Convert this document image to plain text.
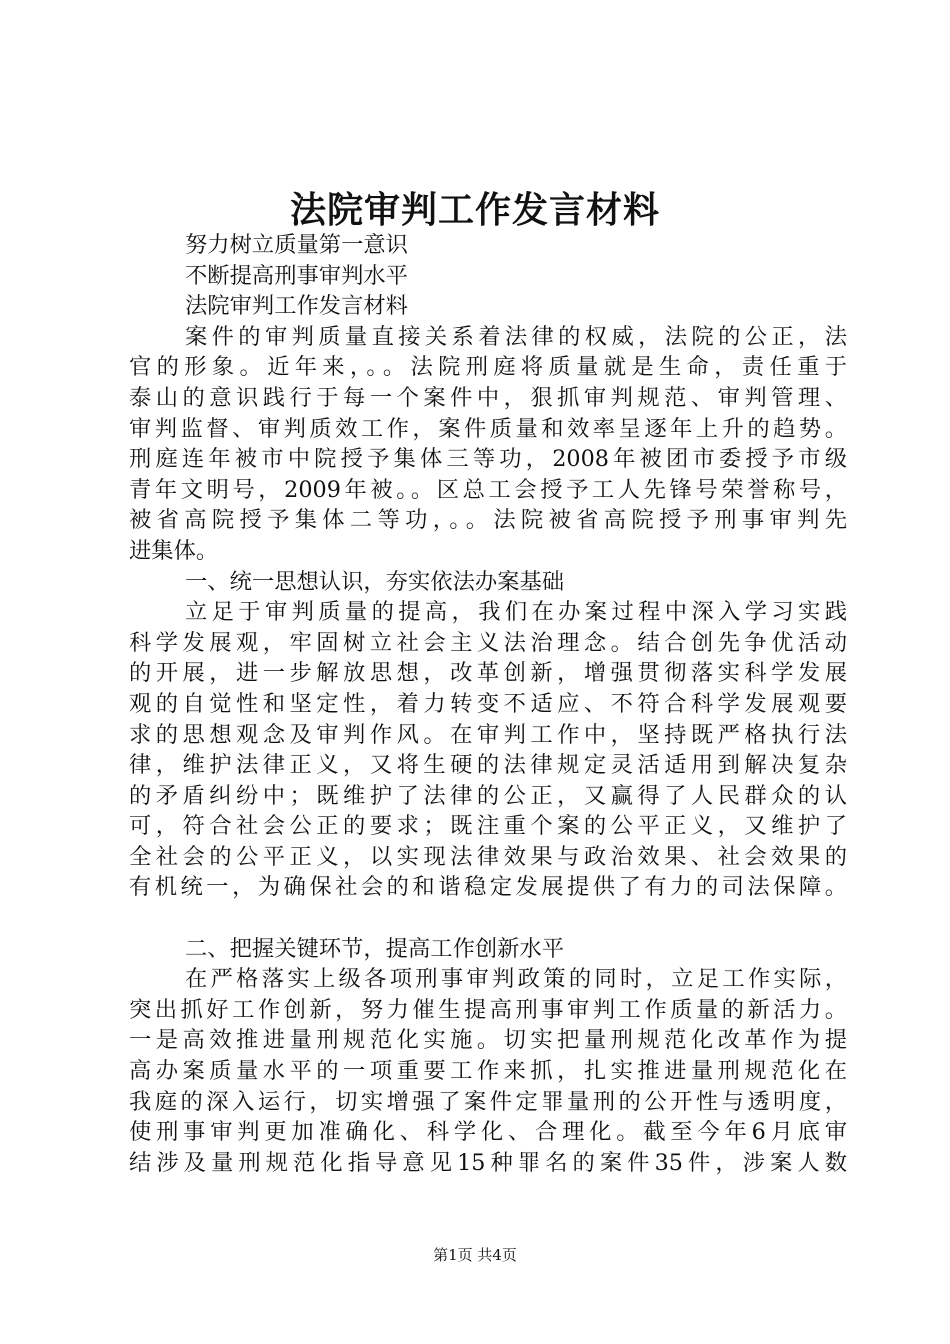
法院审判工作发言材料
努力树立质量第一意识
不断提高刑事审判水平
法院审判工作发言材料
案件的审判质量直接关系着法律的权威，法院的公正，法
官的形象。近年来，。。法院刑庭将质量就是生命，责任重于
泰山的意识践行于每一个案件中，狠抓审判规范、审判管理、
审判监督、审判质效工作，案件质量和效率呈逐年上升的趋势。
刑庭连年被市中院授予集体三等功，2008年被团市委授予市级
青年文明号，2009年被。。区总工会授予工人先锋号荣誉称号，
被省高院授予集体二等功，。。法院被省高院授予刑事审判先
进集体。
一、统一思想认识，夯实依法办案基础
立足于审判质量的提高，我们在办案过程中深入学习实践
科学发展观，牢固树立社会主义法治理念。结合创先争优活动
的开展，进一步解放思想，改革创新，增强贯彻落实科学发展
观的自觉性和坚定性，着力转变不适应、不符合科学发展观要
求的思想观念及审判作风。在审判工作中，坚持既严格执行法
律，维护法律正义，又将生硬的法律规定灵活适用到解决复杂
的矛盾纠纷中；既维护了法律的公正，又赢得了人民群众的认
可，符合社会公正的要求；既注重个案的公平正义，又维护了
全社会的公平正义，以实现法律效果与政治效果、社会效果的
有机统一，为确保社会的和谐稳定发展提供了有力的司法保障。
二、把握关键环节，提高工作创新水平
在严格落实上级各项刑事审判政策的同时，立足工作实际，
突出抓好工作创新，努力催生提高刑事审判工作质量的新活力。
一是高效推进量刑规范化实施。切实把量刑规范化改革作为提
高办案质量水平的一项重要工作来抓，扎实推进量刑规范化在
我庭的深入运行，切实增强了案件定罪量刑的公开性与透明度，
使刑事审判更加准确化、科学化、合理化。截至今年6月底审
结涉及量刑规范化指导意见15种罪名的案件35件，涉案人数
第1页 共4页
